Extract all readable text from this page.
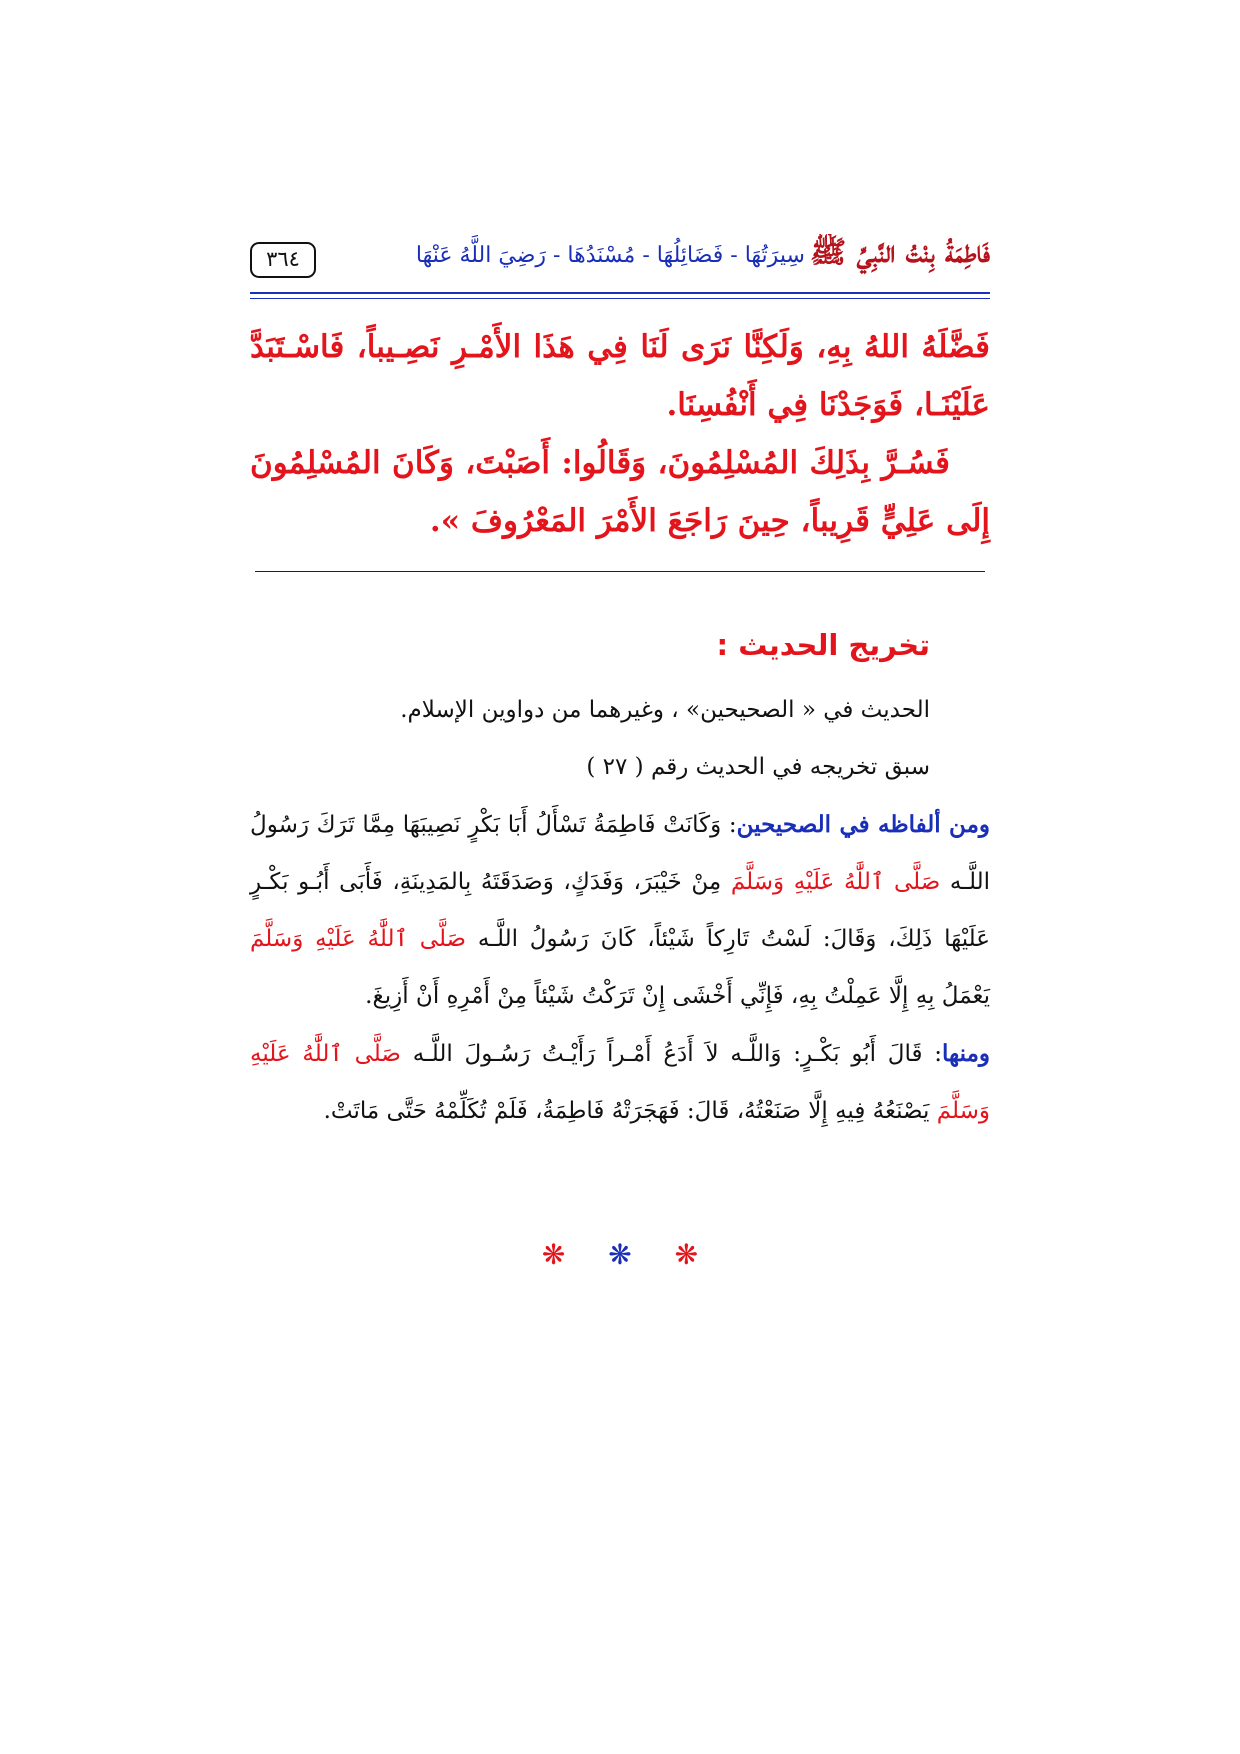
٣٦٤	فَاطِمَةُ بِنْتُ النَّبِيِّ ﷺ سِيرَتُهَا - فَضَائِلُهَا - مُسْنَدُهَا - رَضِيَ اللَّهُ عَنْهَا

فَضَّلَهُ اللهُ بِهِ، وَلَكِنَّا نَرَى لَنَا فِي هَذَا الأَمْـرِ نَصِـيباً، فَاسْـتَبَدَّ عَلَيْنَـا، فَوَجَدْنَا فِي أَنْفُسِنَا.

فَسُـرَّ بِذَلِكَ المُسْلِمُونَ، وَقَالُوا: أَصَبْتَ، وَكَانَ المُسْلِمُونَ إِلَى عَلِيٍّ قَرِيباً، حِينَ رَاجَعَ الأَمْرَ المَعْرُوفَ ».

تخريج الحديث :
الحديث في « الصحيحين» ، وغيرهما من دواوين الإسلام.
سبق تخريجه في الحديث رقم ( ٢٧ )
ومن ألفاظه في الصحيحين: وَكَانَتْ فَاطِمَةُ تَسْأَلُ أَبَا بَكْرٍ نَصِيبَهَا مِمَّا تَرَكَ رَسُولُ اللَّـه صَلَّى ٱللَّٰهُ عَلَيْهِ وَسَلَّمَ مِنْ خَيْبَرَ، وَفَدَكٍ، وَصَدَقَتَهُ بِالمَدِينَةِ، فَأَبَى أَبُـو بَكْـرٍ عَلَيْهَا ذَلِكَ، وَقَالَ: لَسْتُ تَارِكاً شَيْئاً، كَانَ رَسُولُ اللَّـه صَلَّى ٱللَّٰهُ عَلَيْهِ وَسَلَّمَ يَعْمَلُ بِهِ إِلَّا عَمِلْتُ بِهِ، فَإِنِّي أَخْشَى إِنْ تَرَكْتُ شَيْئاً مِنْ أَمْرِهِ أَنْ أَزِيغَ.
ومنها: قَالَ أَبُو بَكْـرٍ: وَاللَّـه لاَ أَدَعُ أَمْـراً رَأَيْـتُ رَسُـولَ اللَّـه صَلَّى ٱللَّٰهُ عَلَيْهِ وَسَلَّمَ يَصْنَعُهُ فِيهِ إِلَّا صَنَعْتُهُ، قَالَ: فَهَجَرَتْهُ فَاطِمَةُ، فَلَمْ تُكَلِّمْهُ حَتَّى مَاتَتْ.
❋ ❋ ❋
